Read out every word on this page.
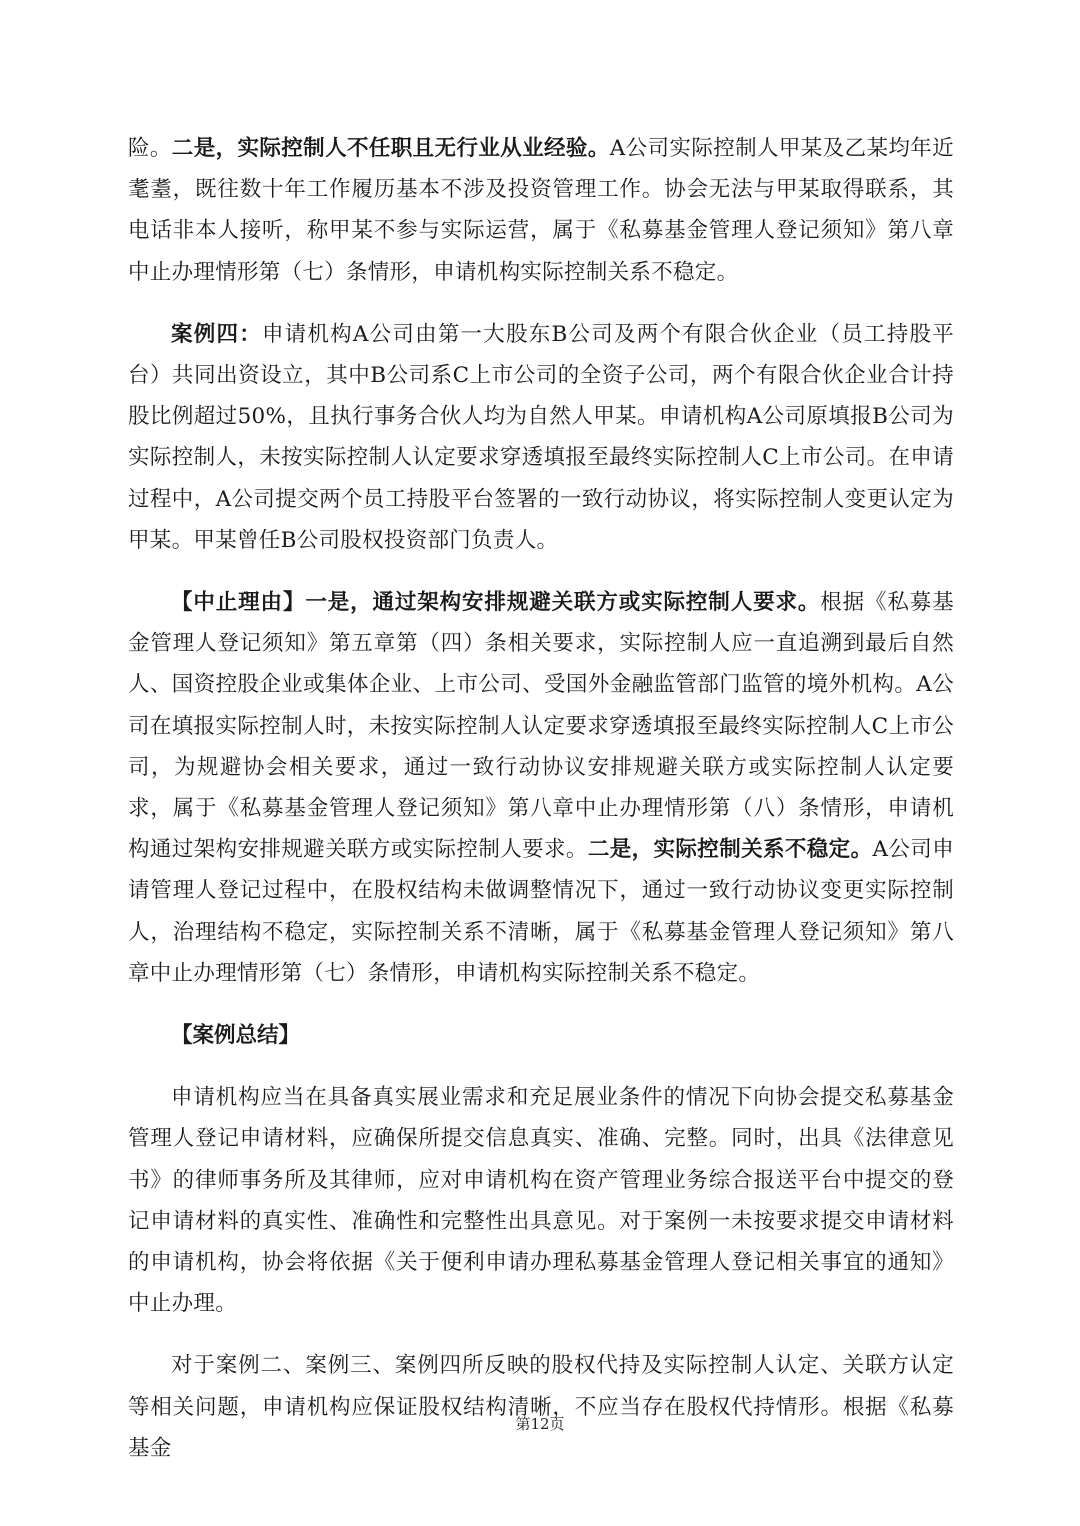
险。二是，实际控制人不任职且无行业从业经验。A公司实际控制人甲某及乙某均年近耄耋，既往数十年工作履历基本不涉及投资管理工作。协会无法与甲某取得联系，其电话非本人接听，称甲某不参与实际运营，属于《私募基金管理人登记须知》第八章中止办理情形第（七）条情形，申请机构实际控制关系不稳定。

案例四：申请机构A公司由第一大股东B公司及两个有限合伙企业（员工持股平台）共同出资设立，其中B公司系C上市公司的全资子公司，两个有限合伙企业合计持股比例超过50%，且执行事务合伙人均为自然人甲某。申请机构A公司原填报B公司为实际控制人，未按实际控制人认定要求穿透填报至最终实际控制人C上市公司。在申请过程中，A公司提交两个员工持股平台签署的一致行动协议，将实际控制人变更认定为甲某。甲某曾任B公司股权投资部门负责人。

【中止理由】一是，通过架构安排规避关联方或实际控制人要求。根据《私募基金管理人登记须知》第五章第（四）条相关要求，实际控制人应一直追溯到最后自然人、国资控股企业或集体企业、上市公司、受国外金融监管部门监管的境外机构。A公司在填报实际控制人时，未按实际控制人认定要求穿透填报至最终实际控制人C上市公司，为规避协会相关要求，通过一致行动协议安排规避关联方或实际控制人认定要求，属于《私募基金管理人登记须知》第八章中止办理情形第（八）条情形，申请机构通过架构安排规避关联方或实际控制人要求。二是，实际控制关系不稳定。A公司申请管理人登记过程中，在股权结构未做调整情况下，通过一致行动协议变更实际控制人，治理结构不稳定，实际控制关系不清晰，属于《私募基金管理人登记须知》第八章中止办理情形第（七）条情形，申请机构实际控制关系不稳定。

【案例总结】

申请机构应当在具备真实展业需求和充足展业条件的情况下向协会提交私募基金管理人登记申请材料，应确保所提交信息真实、准确、完整。同时，出具《法律意见书》的律师事务所及其律师，应对申请机构在资产管理业务综合报送平台中提交的登记申请材料的真实性、准确性和完整性出具意见。对于案例一未按要求提交申请材料的申请机构，协会将依据《关于便利申请办理私募基金管理人登记相关事宜的通知》中止办理。

对于案例二、案例三、案例四所反映的股权代持及实际控制人认定、关联方认定等相关问题，申请机构应保证股权结构清晰，不应当存在股权代持情形。根据《私募基金

第12页
